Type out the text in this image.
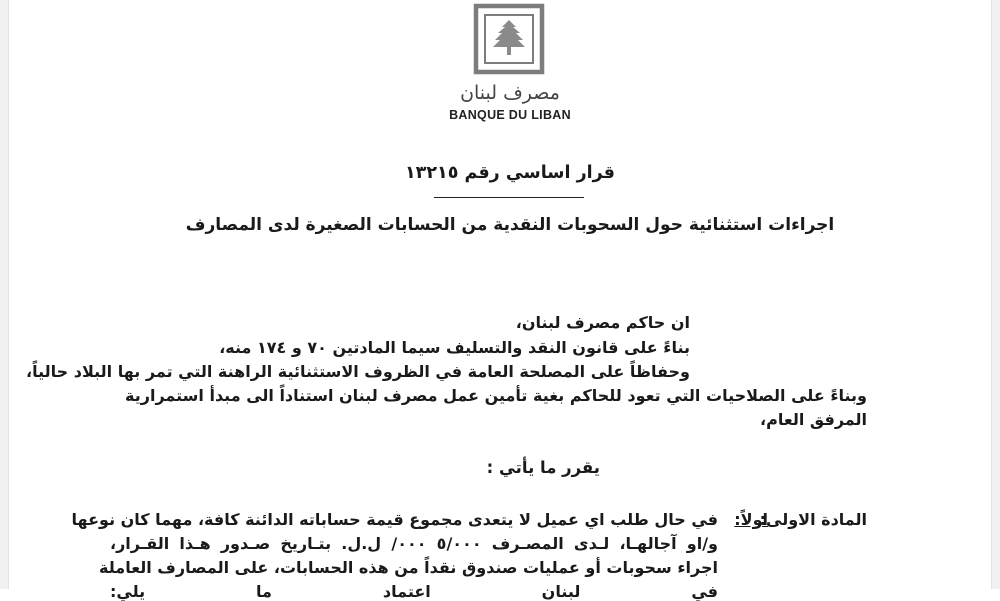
مصرف لبنان
BANQUE DU LIBAN
قرار اساسي رقم ١٣٢١٥
اجراءات استثنائية حول السحوبات النقدية من الحسابات الصغيرة لدى المصارف
ان حاكم مصرف لبنان،
بناءً على قانون النقد والتسليف سيما المادتين ٧٠ و ١٧٤ منه،
وحفاظاً على المصلحة العامة في الظروف الاستثنائية الراهنة التي تمر بها البلاد حالياً،
وبناءً على الصلاحيات التي تعود للحاكم بغية تأمين عمل مصرف لبنان استناداً الى مبدأ استمرارية
المرفق العام،
يقرر ما يأتي :
المادة الاولى:
اولاً:
في حال طلب اي عميل لا يتعدى مجموع قيمة حساباته الدائنة كافة، مهما كان نوعها
و/او آجالهـا، لـدى المصـرف ٥/٠٠٠ ٠٠٠/ ل.ل. بتـاريخ صـدور هـذا القـرار،
اجراء سحوبات أو عمليات صندوق نقداً من هذه الحسابات، على المصارف العاملة
في لبنان اعتماد ما يلي:
